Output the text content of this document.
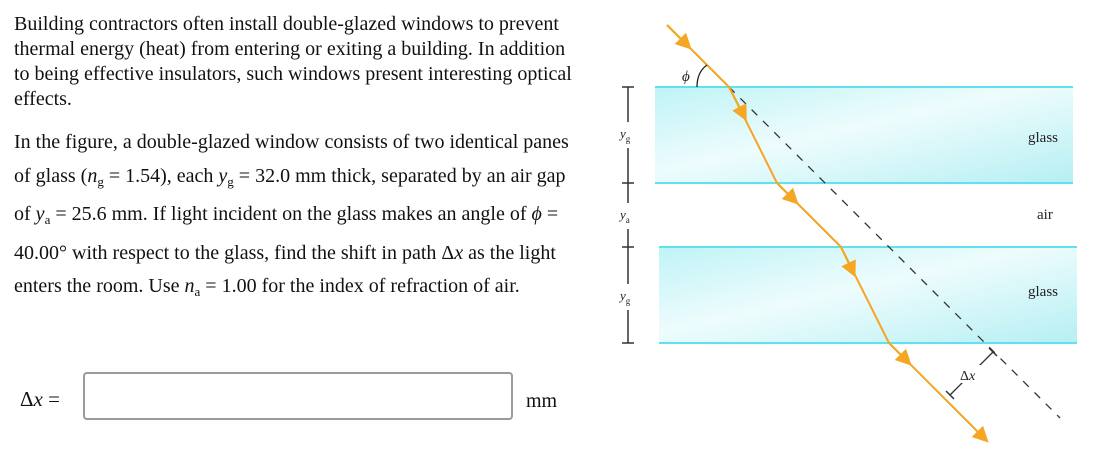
Building contractors often install double-glazed windows to prevent thermal energy (heat) from entering or exiting a building. In addition to being effective insulators, such windows present interesting optical effects.

In the figure, a double-glazed window consists of two identical panes of glass $(n_g = 1.54)$, each $y_g = 32.0$ mm thick, separated by an air gap of $y_a = 25.6$ mm. If light incident on the glass makes an angle of ϕ = 40.00° with respect to the glass, find the shift in path Δx as the light enters the room. Use $n_a = 1.00$ for the index of refraction of air.

Δx =	mm
glass
air
glass
$y_g$
$y_a$
$y_g$
ϕ
Δx
